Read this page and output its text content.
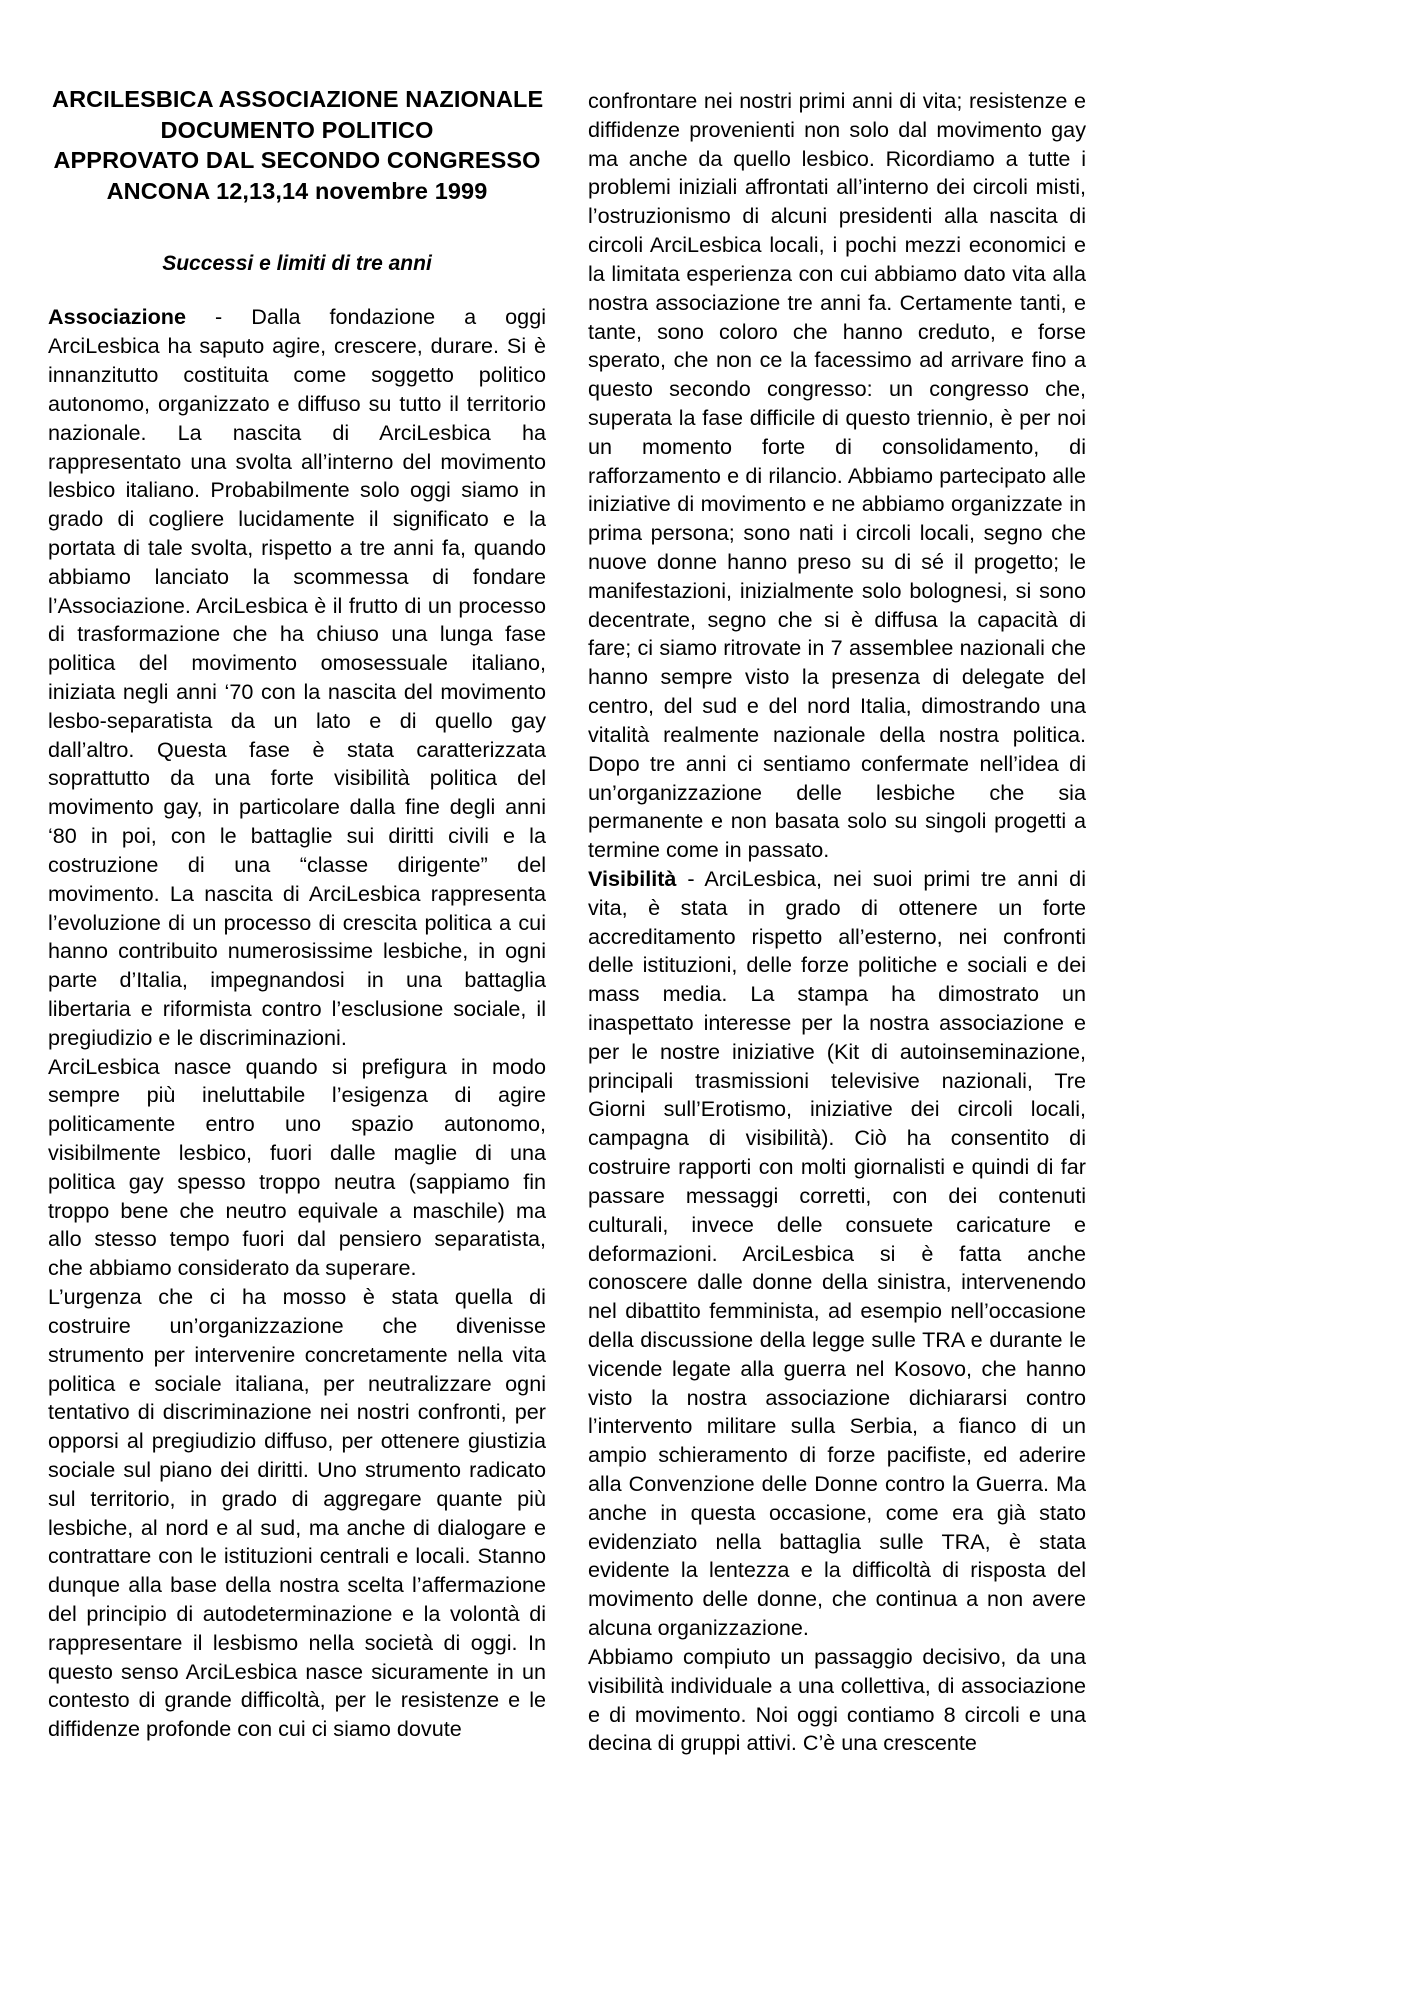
ARCILESBICA ASSOCIAZIONE NAZIONALE
DOCUMENTO POLITICO
APPROVATO DAL SECONDO CONGRESSO
ANCONA 12,13,14 novembre 1999
Successi e limiti di tre anni

Associazione - Dalla fondazione a oggi ArciLesbica ha saputo agire, crescere, durare. Si è innanzitutto costituita come soggetto politico autonomo, organizzato e diffuso su tutto il territorio nazionale. La nascita di ArciLesbica ha rappresentato una svolta all’interno del movimento lesbico italiano. Probabilmente solo oggi siamo in grado di cogliere lucidamente il significato e la portata di tale svolta, rispetto a tre anni fa, quando abbiamo lanciato la scommessa di fondare l’Associazione. ArciLesbica è il frutto di un processo di trasformazione che ha chiuso una lunga fase politica del movimento omosessuale italiano, iniziata negli anni ‘70 con la nascita del movimento lesbo-separatista da un lato e di quello gay dall’altro. Questa fase è stata caratterizzata soprattutto da una forte visibilità politica del movimento gay, in particolare dalla fine degli anni ‘80 in poi, con le battaglie sui diritti civili e la costruzione di una “classe dirigente” del movimento. La nascita di ArciLesbica rappresenta l’evoluzione di un processo di crescita politica a cui hanno contribuito numerosissime lesbiche, in ogni parte d’Italia, impegnandosi in una battaglia libertaria e riformista contro l’esclusione sociale, il pregiudizio e le discriminazioni.

ArciLesbica nasce quando si prefigura in modo sempre più ineluttabile l’esigenza di agire politicamente entro uno spazio autonomo, visibilmente lesbico, fuori dalle maglie di una politica gay spesso troppo neutra (sappiamo fin troppo bene che neutro equivale a maschile) ma allo stesso tempo fuori dal pensiero separatista, che abbiamo considerato da superare.

L’urgenza che ci ha mosso è stata quella di costruire un’organizzazione che divenisse strumento per intervenire concretamente nella vita politica e sociale italiana, per neutralizzare ogni tentativo di discriminazione nei nostri confronti, per opporsi al pregiudizio diffuso, per ottenere giustizia sociale sul piano dei diritti. Uno strumento radicato sul territorio, in grado di aggregare quante più lesbiche, al nord e al sud, ma anche di dialogare e contrattare con le istituzioni centrali e locali. Stanno dunque alla base della nostra scelta l’affermazione del principio di autodeterminazione e la volontà di rappresentare il lesbismo nella società di oggi. In questo senso ArciLesbica nasce sicuramente in un contesto di grande difficoltà, per le resistenze e le diffidenze profonde con cui ci siamo dovute

confrontare nei nostri primi anni di vita; resistenze e diffidenze provenienti non solo dal movimento gay ma anche da quello lesbico. Ricordiamo a tutte i problemi iniziali affrontati all’interno dei circoli misti, l’ostruzionismo di alcuni presidenti alla nascita di circoli ArciLesbica locali, i pochi mezzi economici e la limitata esperienza con cui abbiamo dato vita alla nostra associazione tre anni fa. Certamente tanti, e tante, sono coloro che hanno creduto, e forse sperato, che non ce la facessimo ad arrivare fino a questo secondo congresso: un congresso che, superata la fase difficile di questo triennio, è per noi un momento forte di consolidamento, di rafforzamento e di rilancio. Abbiamo partecipato alle iniziative di movimento e ne abbiamo organizzate in prima persona; sono nati i circoli locali, segno che nuove donne hanno preso su di sé il progetto; le manifestazioni, inizialmente solo bolognesi, si sono decentrate, segno che si è diffusa la capacità di fare; ci siamo ritrovate in 7 assemblee nazionali che hanno sempre visto la presenza di delegate del centro, del sud e del nord Italia, dimostrando una vitalità realmente nazionale della nostra politica. Dopo tre anni ci sentiamo confermate nell’idea di un’organizzazione delle lesbiche che sia permanente e non basata solo su singoli progetti a termine come in passato.

Visibilità - ArciLesbica, nei suoi primi tre anni di vita, è stata in grado di ottenere un forte accreditamento rispetto all’esterno, nei confronti delle istituzioni, delle forze politiche e sociali e dei mass media. La stampa ha dimostrato un inaspettato interesse per la nostra associazione e per le nostre iniziative (Kit di autoinseminazione, principali trasmissioni televisive nazionali, Tre Giorni sull’Erotismo, iniziative dei circoli locali, campagna di visibilità). Ciò ha consentito di costruire rapporti con molti giornalisti e quindi di far passare messaggi corretti, con dei contenuti culturali, invece delle consuete caricature e deformazioni. ArciLesbica si è fatta anche conoscere dalle donne della sinistra, intervenendo nel dibattito femminista, ad esempio nell’occasione della discussione della legge sulle TRA e durante le vicende legate alla guerra nel Kosovo, che hanno visto la nostra associazione dichiararsi contro l’intervento militare sulla Serbia, a fianco di un ampio schieramento di forze pacifiste, ed aderire alla Convenzione delle Donne contro la Guerra. Ma anche in questa occasione, come era già stato evidenziato nella battaglia sulle TRA, è stata evidente la lentezza e la difficoltà di risposta del movimento delle donne, che continua a non avere alcuna organizzazione.

Abbiamo compiuto un passaggio decisivo, da una visibilità individuale a una collettiva, di associazione e di movimento. Noi oggi contiamo 8 circoli e una decina di gruppi attivi. C’è una crescente
